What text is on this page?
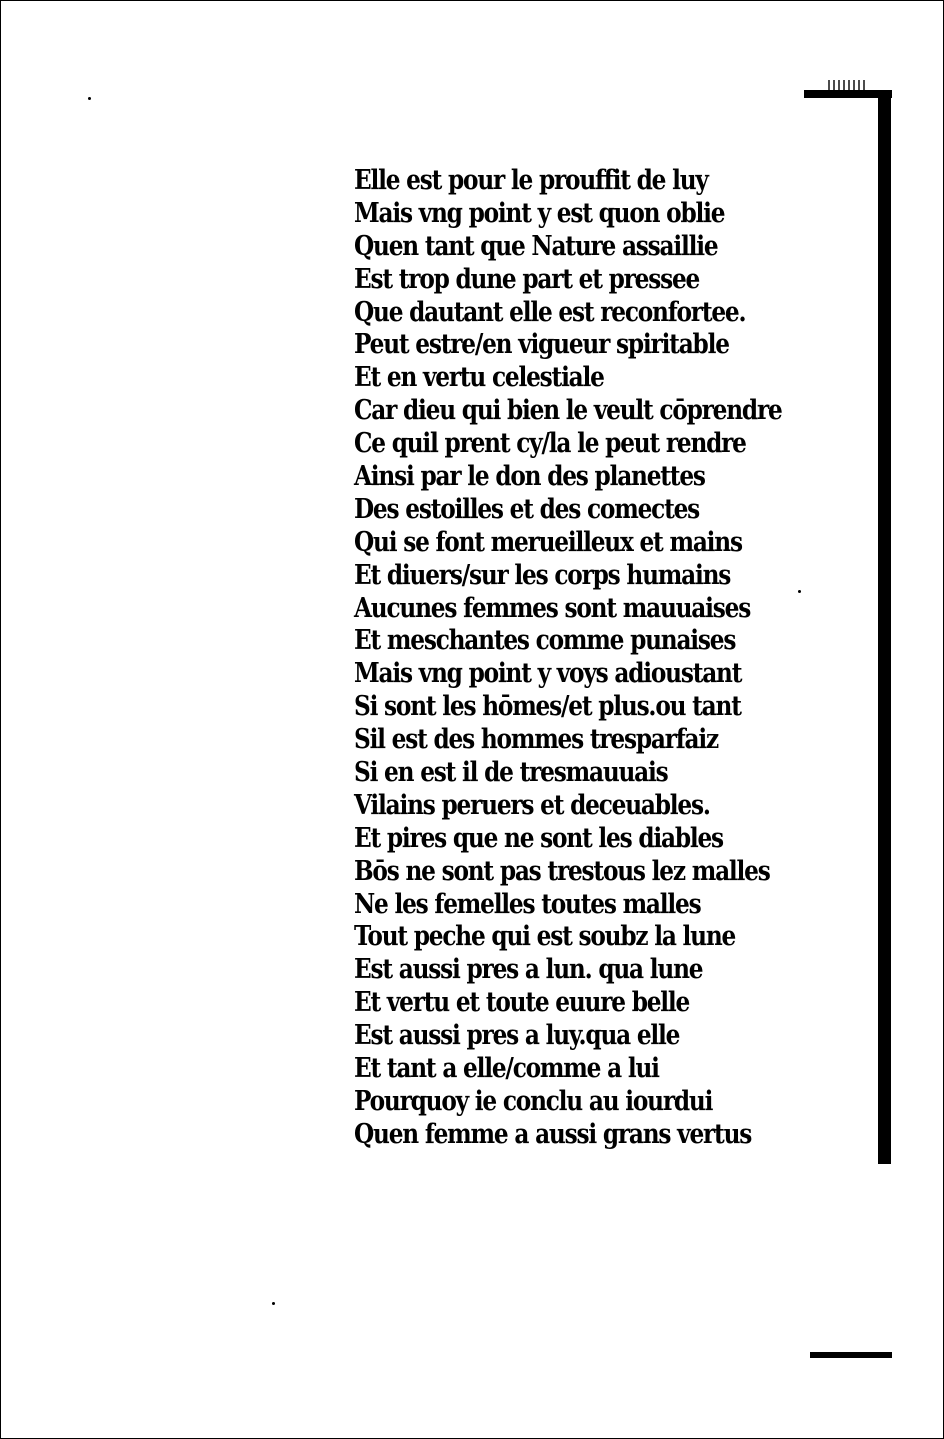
Elle est pour le prouffit de luy
Mais vng point y est quon oblie
Quen tant que Nature assaillie
Est trop dune part et pressee
Que dautant elle est reconfortee.
Peut estre/en vigueur spiritable
Et en vertu celestiale
Car dieu qui bien le veult cōprendre
Ce quil prent cy/la le peut rendre
Ainsi par le don des planettes
Des estoilles et des comectes
Qui se font merueilleux et mains
Et diuers/sur les corps humains
Aucunes femmes sont mauuaises
Et meschantes comme punaises
Mais vng point y voys adioustant
Si sont les hōmes/et plus.ou tant
Sil est des hommes tresparfaiz
Si en est il de tresmauuais
Vilains peruers et deceuables.
Et pires que ne sont les diables
Bōs ne sont pas trestous lez malles
Ne les femelles toutes malles
Tout peche qui est soubz la lune
Est aussi pres a lun. qua lune
Et vertu et toute euure belle
Est aussi pres a luy.qua elle
Et tant a elle/comme a lui
Pourquoy ie conclu au iourdui
Quen femme a aussi grans vertus
